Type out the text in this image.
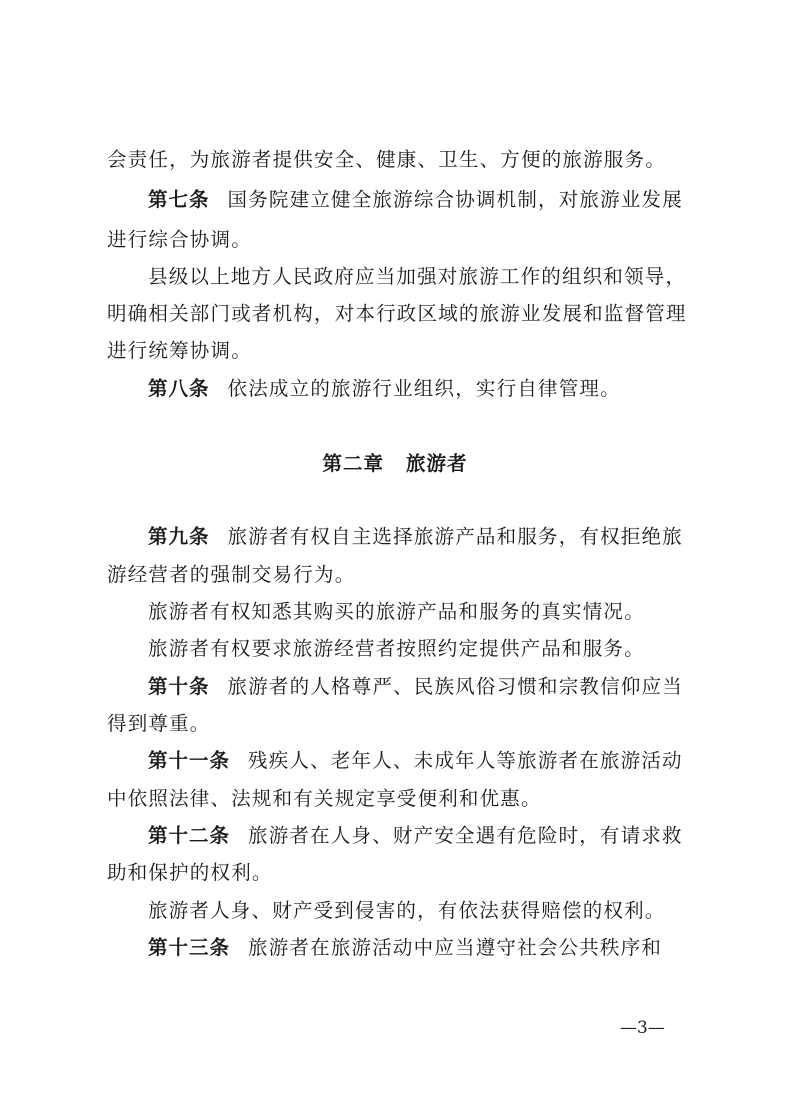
会责任，为旅游者提供安全、健康、卫生、方便的旅游服务。
第七条 国务院建立健全旅游综合协调机制，对旅游业发展
进行综合协调。
县级以上地方人民政府应当加强对旅游工作的组织和领导，
明确相关部门或者机构，对本行政区域的旅游业发展和监督管理
进行统筹协调。
第八条 依法成立的旅游行业组织，实行自律管理。
第二章 旅游者
第九条 旅游者有权自主选择旅游产品和服务，有权拒绝旅
游经营者的强制交易行为。
旅游者有权知悉其购买的旅游产品和服务的真实情况。
旅游者有权要求旅游经营者按照约定提供产品和服务。
第十条 旅游者的人格尊严、民族风俗习惯和宗教信仰应当
得到尊重。
第十一条 残疾人、老年人、未成年人等旅游者在旅游活动
中依照法律、法规和有关规定享受便利和优惠。
第十二条 旅游者在人身、财产安全遇有危险时，有请求救
助和保护的权利。
旅游者人身、财产受到侵害的，有依法获得赔偿的权利。
第十三条 旅游者在旅游活动中应当遵守社会公共秩序和
—3—
